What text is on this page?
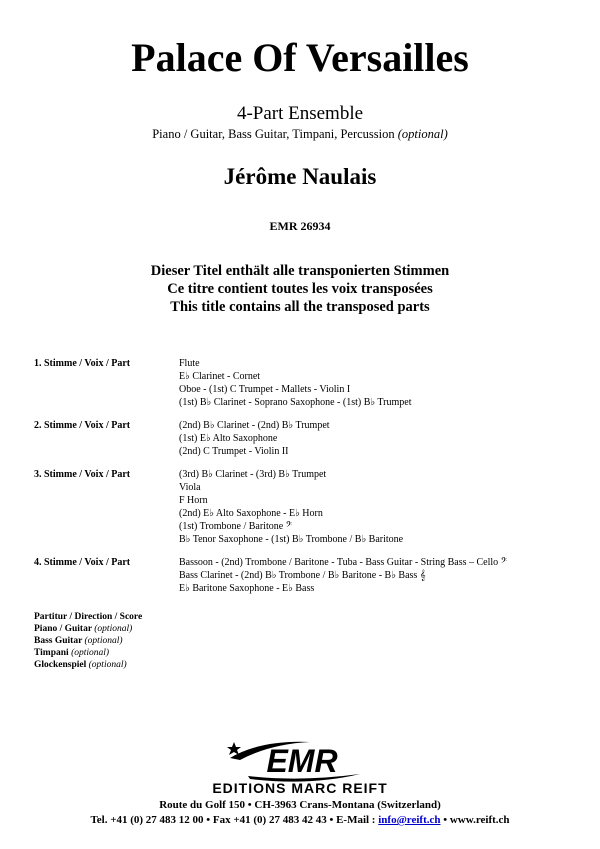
Palace Of Versailles
4-Part Ensemble
Piano / Guitar, Bass Guitar, Timpani, Percussion (optional)
Jérôme Naulais
EMR 26934
Dieser Titel enthält alle transponierten Stimmen
Ce titre contient toutes les voix transposées
This title contains all the transposed parts
1. Stimme / Voix / Part	Flute
E♭ Clarinet - Cornet
Oboe - (1st) C Trumpet - Mallets - Violin I
(1st) B♭ Clarinet - Soprano Saxophone - (1st) B♭ Trumpet
2. Stimme / Voix / Part	(2nd) B♭ Clarinet - (2nd) B♭ Trumpet
(1st) E♭ Alto Saxophone
(2nd) C Trumpet - Violin II
3. Stimme / Voix / Part	(3rd) B♭ Clarinet - (3rd) B♭ Trumpet
Viola
F Horn
(2nd) E♭ Alto Saxophone - E♭ Horn
(1st) Trombone / Baritone 𝄢
B♭ Tenor Saxophone - (1st) B♭ Trombone / B♭ Baritone
4. Stimme / Voix / Part	Bassoon - (2nd) Trombone / Baritone - Tuba - Bass Guitar - String Bass – Cello 𝄢
Bass Clarinet - (2nd) B♭ Trombone / B♭ Baritone - B♭ Bass 𝄞
E♭ Baritone Saxophone - E♭ Bass
Partitur / Direction / Score
Piano / Guitar (optional)
Bass Guitar (optional)
Timpani (optional)
Glockenspiel (optional)
EMR
EDITIONS MARC REIFT
Route du Golf 150 • CH-3963 Crans-Montana (Switzerland)
Tel. +41 (0) 27 483 12 00 • Fax +41 (0) 27 483 42 43 • E-Mail : info@reift.ch • www.reift.ch
